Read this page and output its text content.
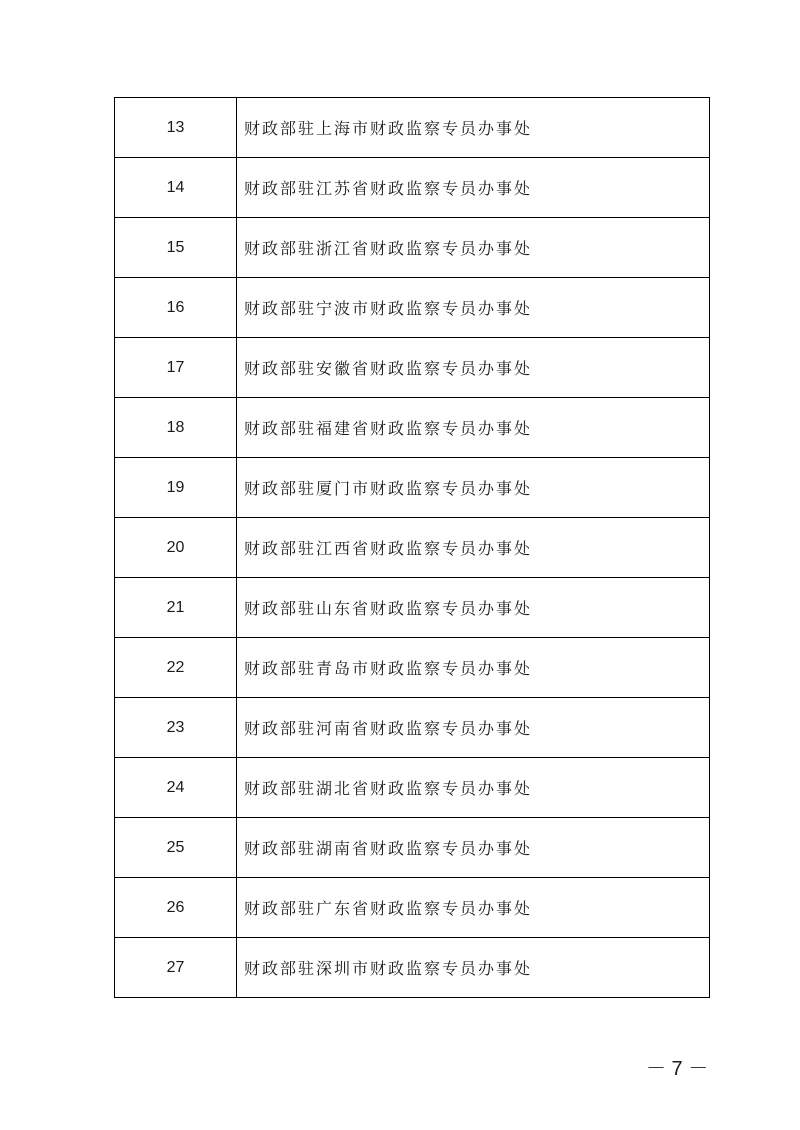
13	财政部驻上海市财政监察专员办事处
14	财政部驻江苏省财政监察专员办事处
15	财政部驻浙江省财政监察专员办事处
16	财政部驻宁波市财政监察专员办事处
17	财政部驻安徽省财政监察专员办事处
18	财政部驻福建省财政监察专员办事处
19	财政部驻厦门市财政监察专员办事处
20	财政部驻江西省财政监察专员办事处
21	财政部驻山东省财政监察专员办事处
22	财政部驻青岛市财政监察专员办事处
23	财政部驻河南省财政监察专员办事处
24	财政部驻湖北省财政监察专员办事处
25	财政部驻湖南省财政监察专员办事处
26	财政部驻广东省财政监察专员办事处
27	财政部驻深圳市财政监察专员办事处
－ 7 －
